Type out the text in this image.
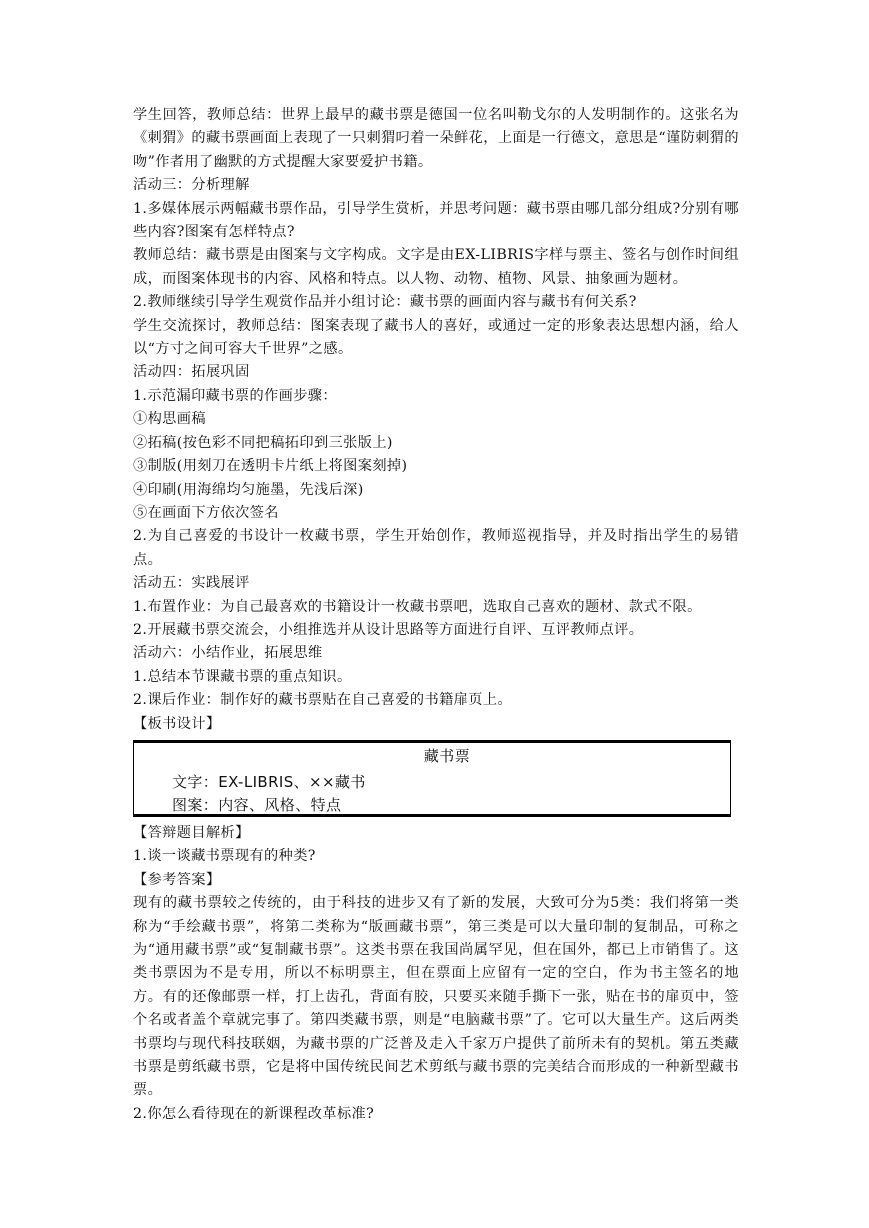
学生回答，教师总结：世界上最早的藏书票是德国一位名叫勒戈尔的人发明制作的。这张名为《刺猬》的藏书票画面上表现了一只刺猬叼着一朵鲜花，上面是一行德文，意思是“谨防刺猬的吻”作者用了幽默的方式提醒大家要爱护书籍。

活动三：分析理解

1.多媒体展示两幅藏书票作品，引导学生赏析，并思考问题：藏书票由哪几部分组成?分别有哪些内容?图案有怎样特点?

教师总结：藏书票是由图案与文字构成。文字是由EX-LIBRIS字样与票主、签名与创作时间组成，而图案体现书的内容、风格和特点。以人物、动物、植物、风景、抽象画为题材。

2.教师继续引导学生观赏作品并小组讨论：藏书票的画面内容与藏书有何关系?

学生交流探讨，教师总结：图案表现了藏书人的喜好，或通过一定的形象表达思想内涵，给人以“方寸之间可容大千世界”之感。

活动四：拓展巩固

1.示范漏印藏书票的作画步骤：

①构思画稿

②拓稿(按色彩不同把稿拓印到三张版上)

③制版(用刻刀在透明卡片纸上将图案刻掉)

④印刷(用海绵均匀施墨，先浅后深)

⑤在画面下方依次签名

2.为自己喜爱的书设计一枚藏书票，学生开始创作，教师巡视指导，并及时指出学生的易错点。

活动五：实践展评

1.布置作业：为自己最喜欢的书籍设计一枚藏书票吧，选取自己喜欢的题材、款式不限。

2.开展藏书票交流会，小组推选并从设计思路等方面进行自评、互评教师点评。

活动六：小结作业，拓展思维

1.总结本节课藏书票的重点知识。

2.课后作业：制作好的藏书票贴在自己喜爱的书籍扉页上。

【板书设计】

藏书票
文字：EX-LIBRIS、××藏书
图案：内容、风格、特点

【答辩题目解析】

1.谈一谈藏书票现有的种类?

【参考答案】

现有的藏书票较之传统的，由于科技的进步又有了新的发展，大致可分为5类：我们将第一类称为“手绘藏书票”，将第二类称为“版画藏书票”，第三类是可以大量印制的复制品，可称之为“通用藏书票”或“复制藏书票”。这类书票在我国尚属罕见，但在国外，都已上市销售了。这类书票因为不是专用，所以不标明票主，但在票面上应留有一定的空白，作为书主签名的地方。有的还像邮票一样，打上齿孔，背面有胶，只要买来随手撕下一张，贴在书的扉页中，签个名或者盖个章就完事了。第四类藏书票，则是“电脑藏书票”了。它可以大量生产。这后两类书票均与现代科技联姻，为藏书票的广泛普及走入千家万户提供了前所未有的契机。第五类藏书票是剪纸藏书票，它是将中国传统民间艺术剪纸与藏书票的完美结合而形成的一种新型藏书票。

2.你怎么看待现在的新课程改革标准?
